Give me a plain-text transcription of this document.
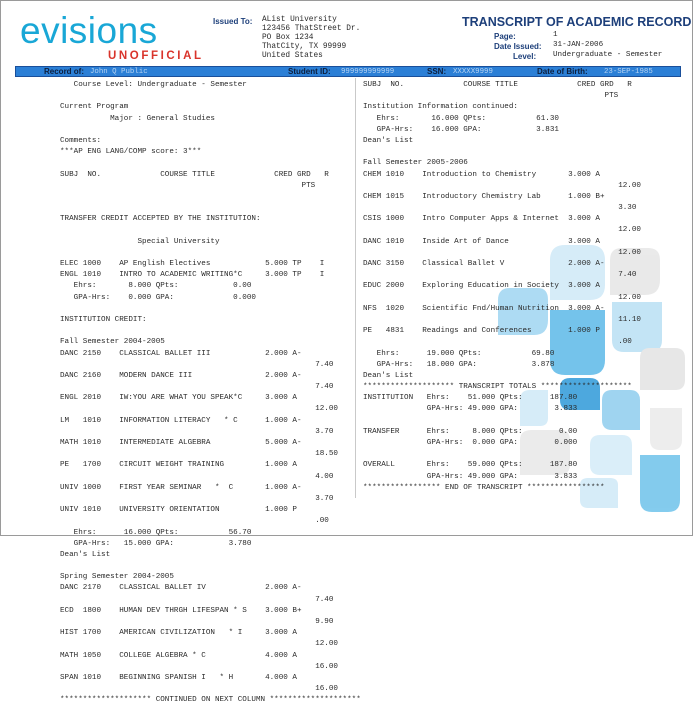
evisions
UNOFFICIAL
Issued To: AList University
123456 ThatStreet Dr.
PO Box 1234
ThatCity, TX 99999
United States
TRANSCRIPT OF ACADEMIC RECORD
Page:	1
Date Issued: 31-JAN-2006
Level: Undergraduate - Semester
Record of: John Q Public	Student ID: 999999999999	SSN: XXXXX9999	Date of Birth: 23-SEP-1985
Course Level: Undergraduate - Semester

Current Program
Major : General Studies

Comments:
***AP ENG LANG/COMP score: 3***

SUBJ  NO.             COURSE TITLE             CRED GRD   R
PTS

TRANSFER CREDIT ACCEPTED BY THE INSTITUTION:

Special University

ELEC 1000    AP English Electives            5.000 TP    I
ENGL 1010    INTRO TO ACADEMIC WRITING*C     3.000 TP    I
Ehrs:       8.000 QPts:            0.00
GPA-Hrs:    0.000 GPA:             0.000

INSTITUTION CREDIT:

Fall Semester 2004-2005
DANC 2150    CLASSICAL BALLET III            2.000 A-
7.40
DANC 2160    MODERN DANCE III                2.000 A-
7.40
ENGL 2010    IW:YOU ARE WHAT YOU SPEAK*C     3.000 A
12.00
LM   1010    INFORMATION LITERACY   * C      1.000 A-
3.70
MATH 1010    INTERMEDIATE ALGEBRA            5.000 A-
18.50
PE   1700    CIRCUIT WEIGHT TRAINING         1.000 A
4.00
UNIV 1000    FIRST YEAR SEMINAR   *  C       1.000 A-
3.70
UNIV 1010    UNIVERSITY ORIENTATION          1.000 P
.00
Ehrs:      16.000 QPts:           56.70
GPA-Hrs:   15.000 GPA:            3.780
Dean's List

Spring Semester 2004-2005
DANC 2170    CLASSICAL BALLET IV             2.000 A-
7.40
ECD  1800    HUMAN DEV THRGH LIFESPAN * S    3.000 B+
9.90
HIST 1700    AMERICAN CIVILIZATION   * I     3.000 A
12.00
MATH 1050    COLLEGE ALGEBRA * C             4.000 A
16.00
SPAN 1010    BEGINNING SPANISH I   * H       4.000 A
16.00
******************** CONTINUED ON NEXT COLUMN ********************
SUBJ  NO.             COURSE TITLE             CRED GRD   R
PTS
Institution Information continued:
Ehrs:       16.000 QPts:           61.30
GPA-Hrs:    16.000 GPA:            3.831
Dean's List

Fall Semester 2005-2006
CHEM 1010    Introduction to Chemistry       3.000 A
12.00
CHEM 1015    Introductory Chemistry Lab      1.000 B+
3.30
CSIS 1000    Intro Computer Apps & Internet  3.000 A
12.00
DANC 1010    Inside Art of Dance             3.000 A
12.00
DANC 3150    Classical Ballet V              2.000 A-
7.40
EDUC 2000    Exploring Education in Society  3.000 A
12.00
NFS  1020    Scientific Fnd/Human Nutrition  3.000 A-
11.10
PE   4831    Readings and Conferences        1.000 P
.00
Ehrs:      19.000 QPts:           69.80
GPA-Hrs:   18.000 GPA:            3.878
Dean's List
******************** TRANSCRIPT TOTALS ********************
INSTITUTION   Ehrs:    51.000 QPts:      187.80
GPA-Hrs: 49.000 GPA:        3.833

TRANSFER      Ehrs:     8.000 QPts:        0.00
GPA-Hrs:  0.000 GPA:        0.000

OVERALL       Ehrs:    59.000 QPts:      187.80
GPA-Hrs: 49.000 GPA:        3.833
***************** END OF TRANSCRIPT *****************
